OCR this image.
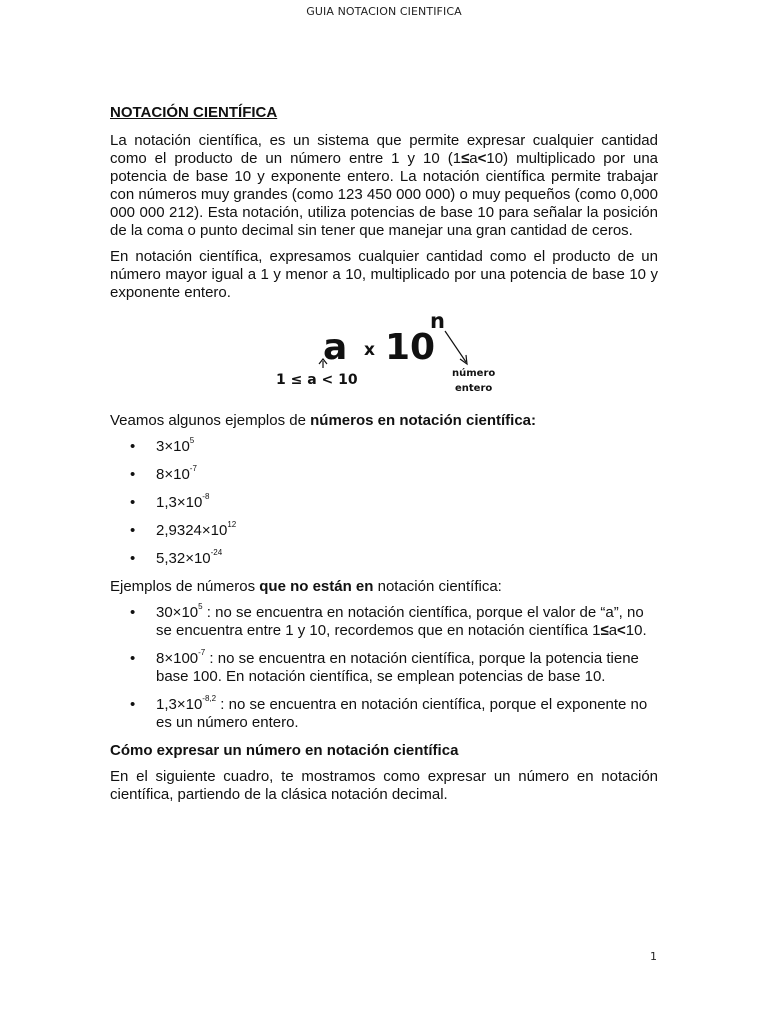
GUIA NOTACION CIENTIFICA
NOTACIÓN CIENTÍFICA

La notación científica, es un sistema que permite expresar cualquier cantidad como el producto de un número entre 1 y 10 (1≤a<10) multiplicado por una potencia de base 10 y exponente entero. La notación científica permite trabajar con números muy grandes (como 123 450 000 000) o muy pequeños (como 0,000 000 000 212). Esta notación, utiliza potencias de base 10 para señalar la posición de la coma o punto decimal sin tener que manejar una gran cantidad de ceros.

En notación científica, expresamos cualquier cantidad como el producto de un número mayor igual a 1 y menor a 10, multiplicado por una potencia de base 10 y exponente entero.

a x 10
n
1 ≤ a < 10	número
entero

Veamos algunos ejemplos de números en notación científica:

• $3\times 10^5$
• $8\times 10^{-7}$
• $1,3\times 10^{-8}$
• $2,9324\times 10^{12}$
• $5,32\times 10^{-24}$

Ejemplos de números que no están en notación científica:

• $30\times 10^5$ : no se encuentra en notación científica, porque el valor de “a”, no se encuentra entre 1 y 10, recordemos que en notación científica 1≤a<10.
• $8\times 100^{-7}$ : no se encuentra en notación científica, porque la potencia tiene base 100. En notación científica, se emplean potencias de base 10.
• $1,3\times 10^{-8,2}$ : no se encuentra en notación científica, porque el exponente no es un número entero.
Cómo expresar un número en notación científica

En el siguiente cuadro, te mostramos como expresar un número en notación científica, partiendo de la clásica notación decimal.

1
